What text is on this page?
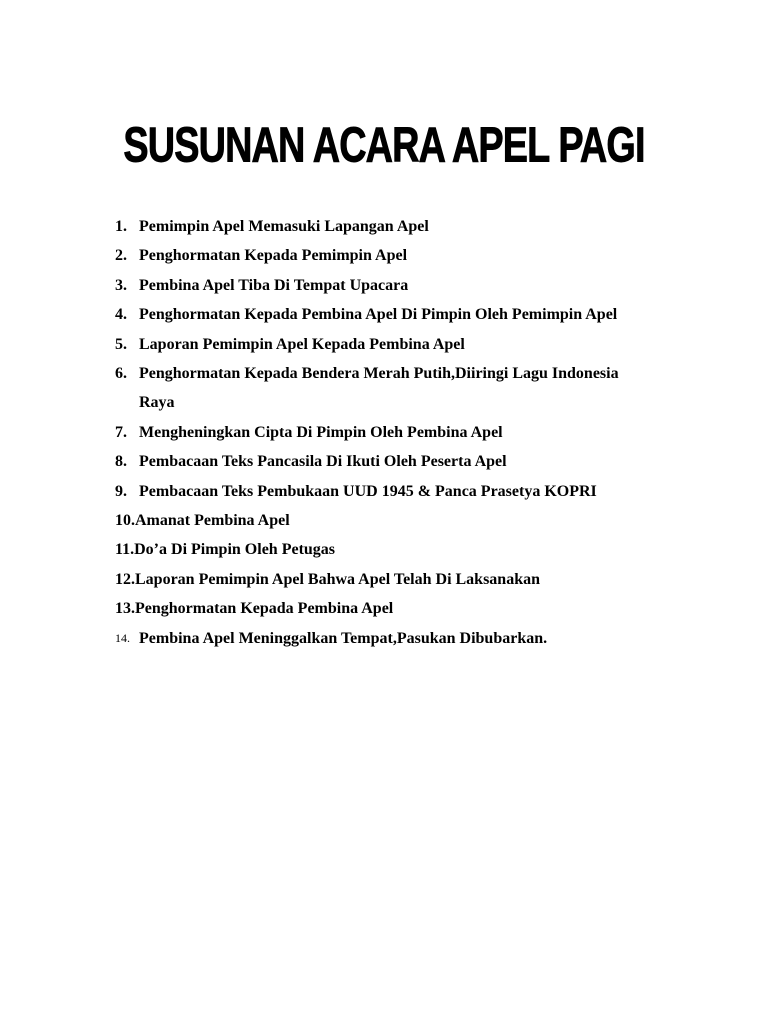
SUSUNAN ACARA APEL PAGI
1. Pemimpin Apel Memasuki Lapangan Apel
2. Penghormatan Kepada Pemimpin Apel
3. Pembina Apel Tiba Di Tempat Upacara
4. Penghormatan Kepada Pembina Apel Di Pimpin Oleh Pemimpin Apel
5. Laporan Pemimpin Apel Kepada Pembina Apel
6. Penghormatan Kepada Bendera Merah Putih,Diiringi Lagu Indonesia Raya
7. Mengheningkan Cipta Di Pimpin Oleh Pembina Apel
8. Pembacaan Teks Pancasila Di Ikuti Oleh Peserta Apel
9. Pembacaan Teks Pembukaan UUD 1945 & Panca Prasetya KOPRI
10. Amanat Pembina Apel
11. Do’a Di Pimpin Oleh Petugas
12. Laporan Pemimpin Apel Bahwa Apel Telah Di Laksanakan
13. Penghormatan Kepada Pembina Apel
14. Pembina Apel Meninggalkan Tempat,Pasukan Dibubarkan.
